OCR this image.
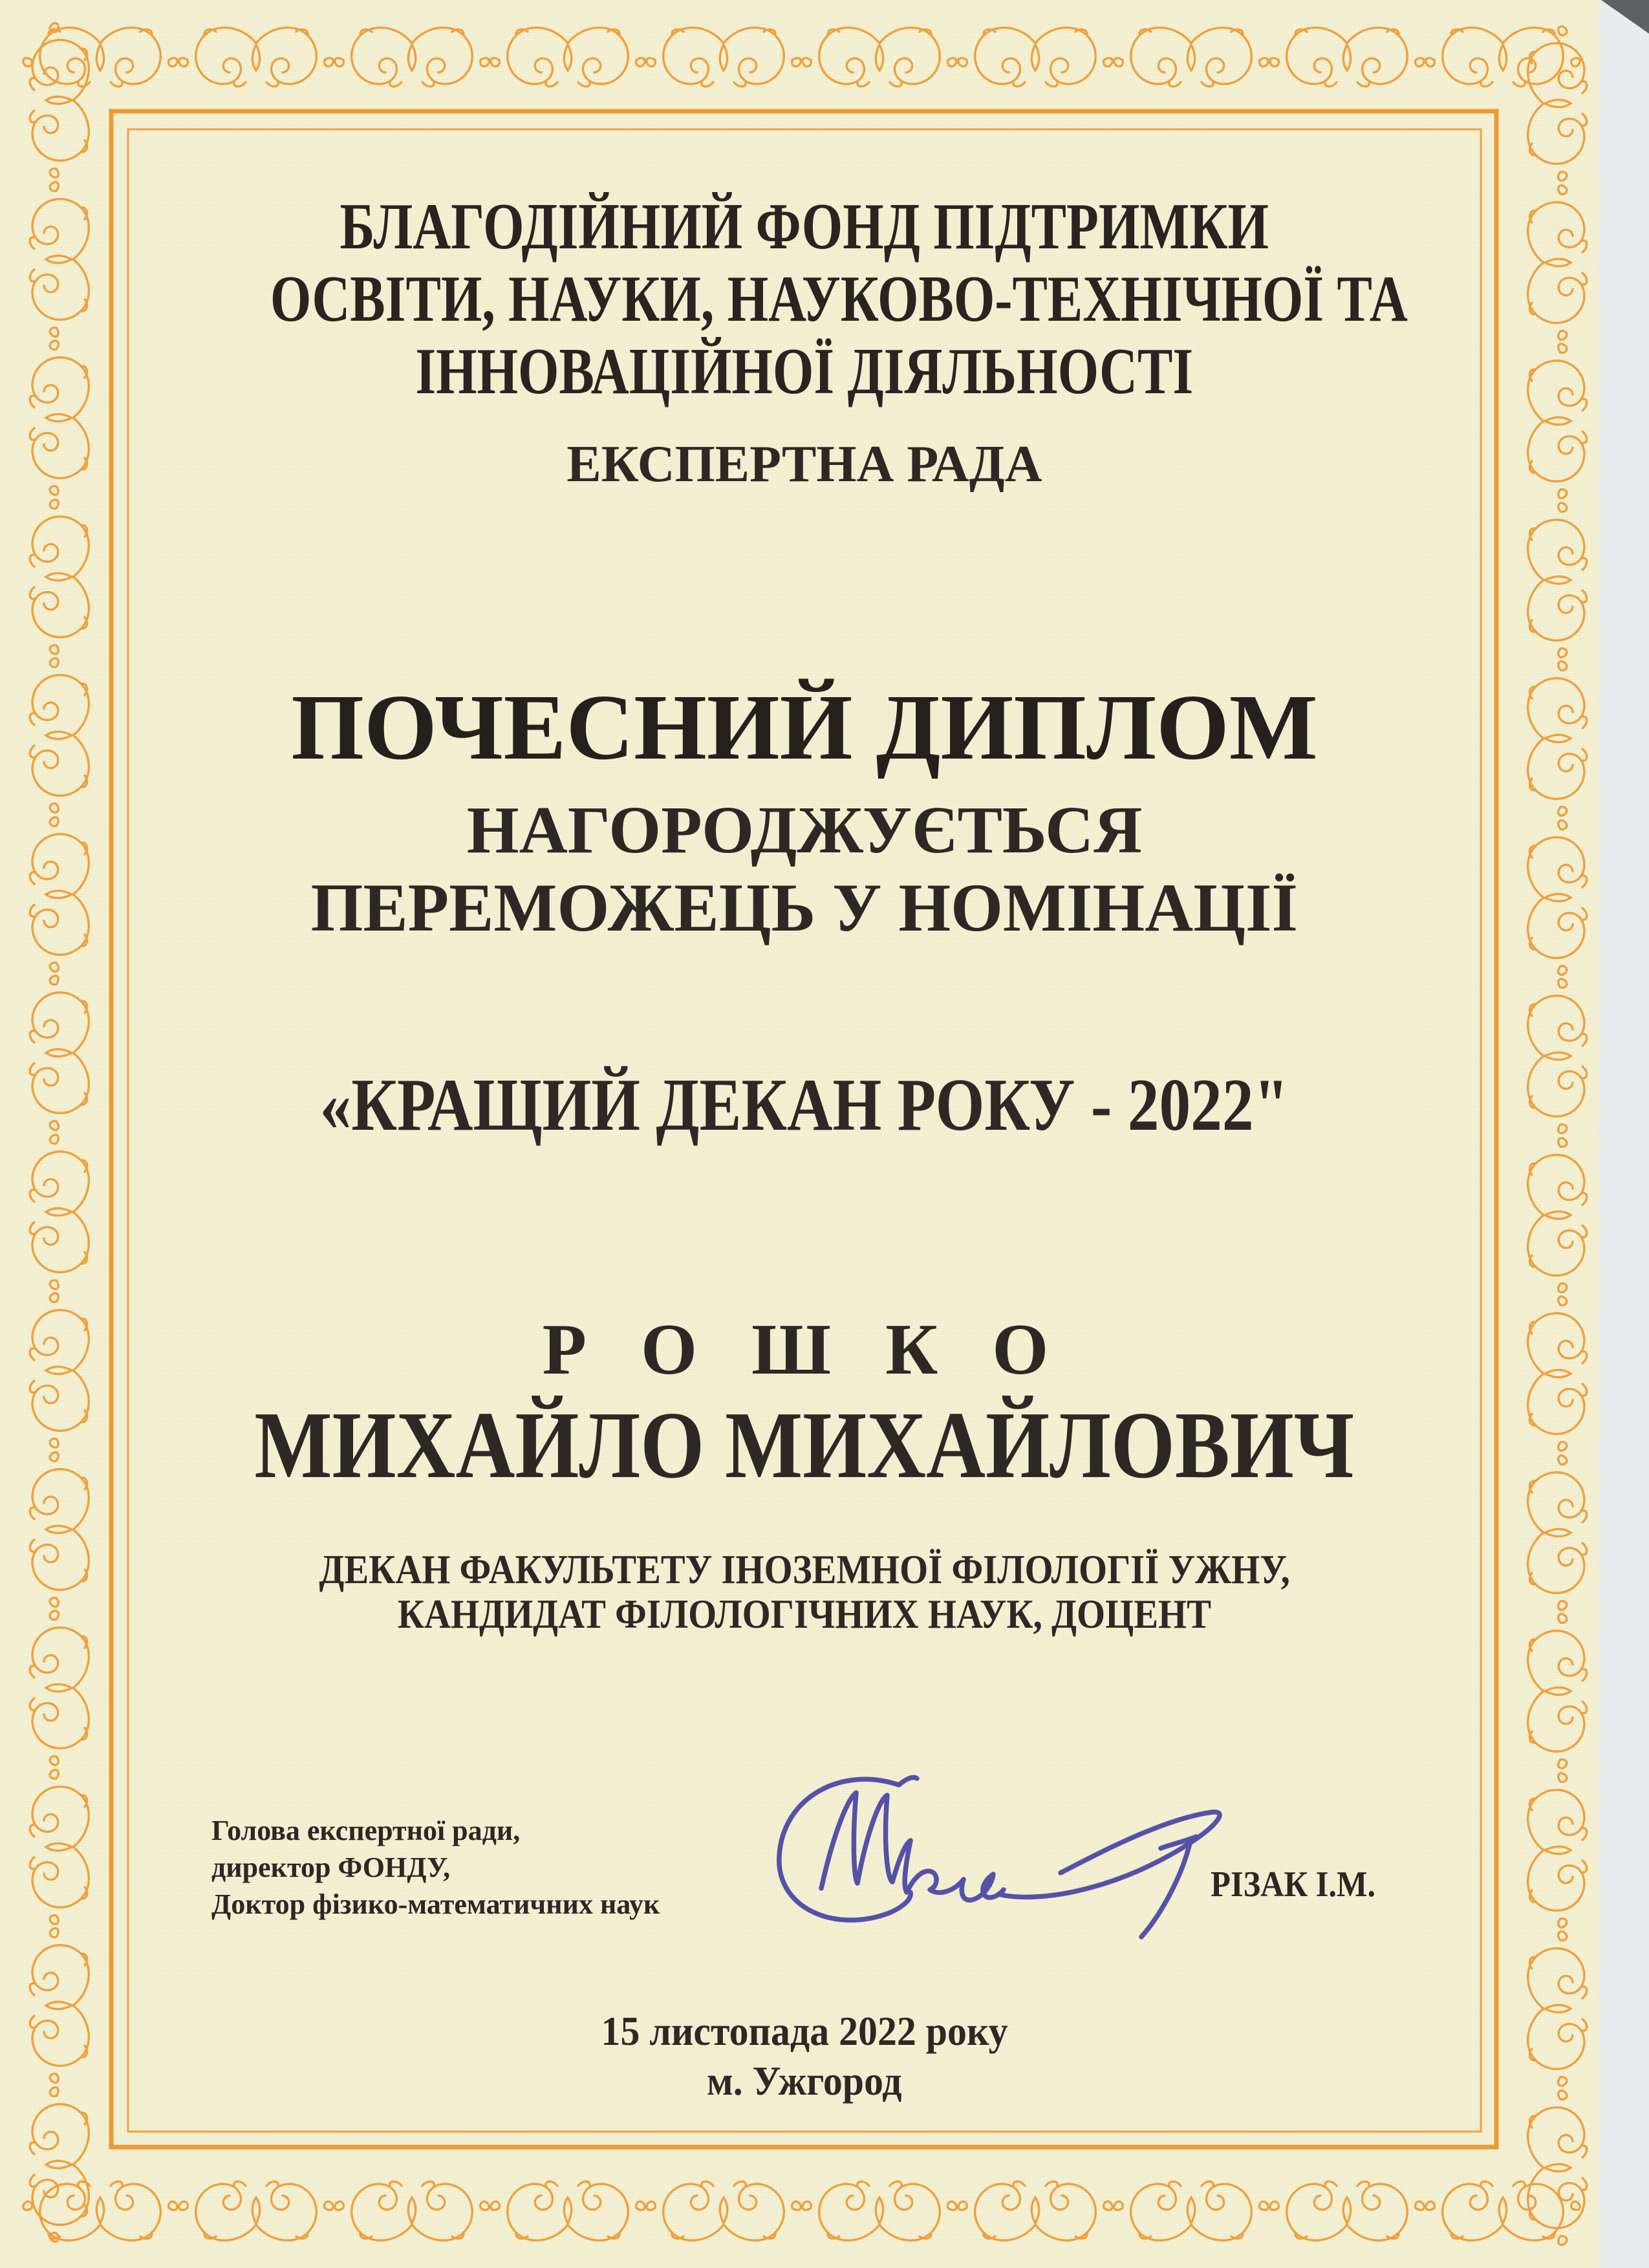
БЛАГОДІЙНИЙ ФОНД ПІДТРИМКИ
ОСВІТИ, НАУКИ, НАУКОВО-ТЕХНІЧНОЇ ТА
ІННОВАЦІЙНОЇ ДІЯЛЬНОСТІ
ЕКСПЕРТНА РАДА
ПОЧЕСНИЙ ДИПЛОМ
НАГОРОДЖУЄТЬСЯ
ПЕРЕМОЖЕЦЬ У НОМІНАЦІЇ
«КРАЩИЙ ДЕКАН РОКУ - 2022"
Р О Ш К О
МИХАЙЛО МИХАЙЛОВИЧ
ДЕКАН ФАКУЛЬТЕТУ ІНОЗЕМНОЇ ФІЛОЛОГІЇ УЖНУ,
КАНДИДАТ ФІЛОЛОГІЧНИХ НАУК, ДОЦЕНТ
Голова експертної ради,
директор ФОНДУ,
Доктор фізико-математичних наук	РІЗАК І.М.
15 листопада 2022 року
м. Ужгород
